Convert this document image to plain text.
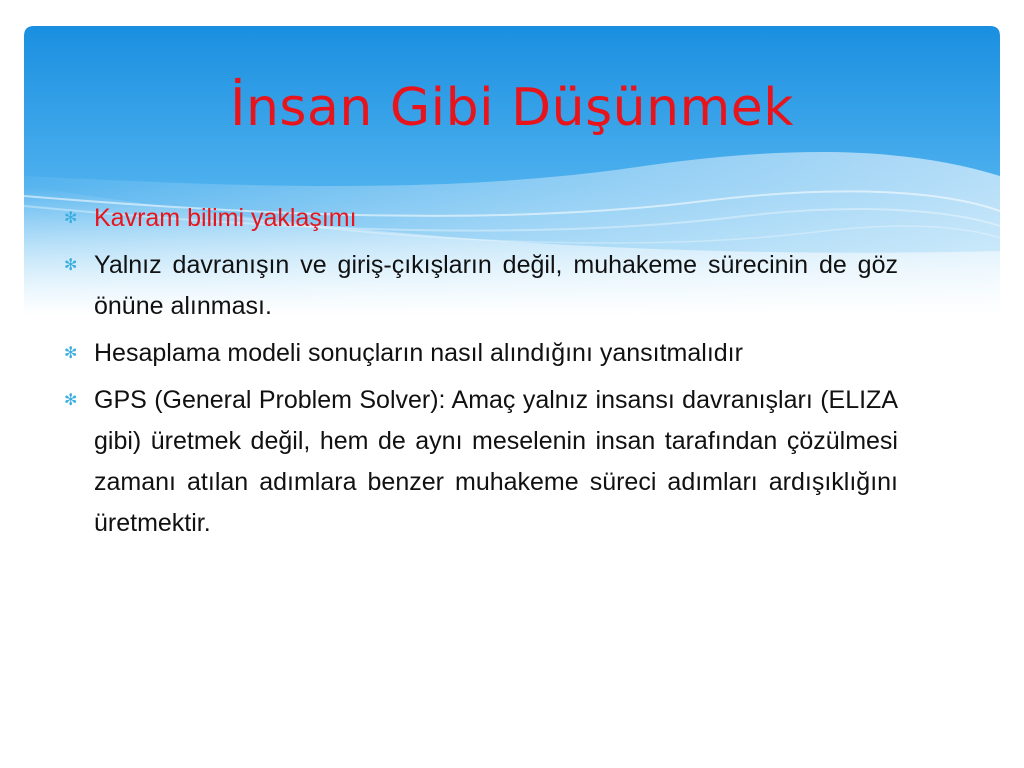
İnsan Gibi Düşünmek
✻ Kavram bilimi yaklaşımı
✻ Yalnız davranışın ve giriş-çıkışların değil, muhakeme sürecinin de göz önüne alınması.
✻ Hesaplama modeli sonuçların nasıl alındığını yansıtmalıdır
✻ GPS (General Problem Solver): Amaç yalnız insansı davranışları (ELIZA gibi) üretmek değil, hem de aynı meselenin insan tarafından çözülmesi zamanı atılan adımlara benzer muhakeme süreci adımları ardışıklığını üretmektir.
